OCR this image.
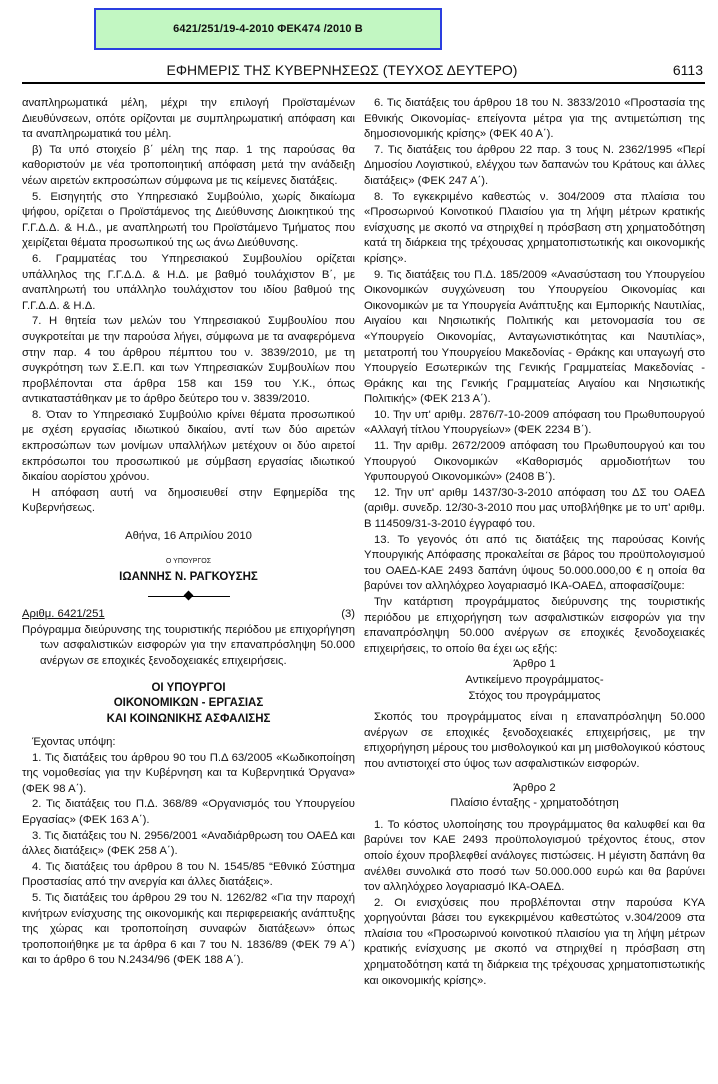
6421/251/19-4-2010 ΦΕΚ474 /2010 Β
ΕΦΗΜΕΡΙΣ ΤΗΣ ΚΥΒΕΡΝΗΣΕΩΣ (ΤΕΥΧΟΣ ΔΕΥΤΕΡΟ)	6113

αναπληρωματικά μέλη, μέχρι την επιλογή Προϊσταμένων Διευθύνσεων, οπότε ορίζονται με συμπληρωματική απόφαση και τα αναπληρωματικά του μέλη.

β) Τα υπό στοιχείο β΄ μέλη της παρ. 1 της παρούσας θα καθοριστούν με νέα τροποποιητική απόφαση μετά την ανάδειξη νέων αιρετών εκπροσώπων σύμφωνα με τις κείμενες διατάξεις.

5. Εισηγητής στο Υπηρεσιακό Συμβούλιο, χωρίς δικαίωμα ψήφου, ορίζεται ο Προϊστάμενος της Διεύθυνσης Διοικητικού της Γ.Γ.Δ.Δ. & Η.Δ., με αναπληρωτή του Προϊστάμενο Τμήματος που χειρίζεται θέματα προσωπικού της ως άνω Διεύθυνσης.

6. Γραμματέας του Υπηρεσιακού Συμβουλίου ορίζεται υπάλληλος της Γ.Γ.Δ.Δ. & Η.Δ. με βαθμό τουλάχιστον Β΄, με αναπληρωτή του υπάλληλο τουλάχιστον του ιδίου βαθμού της Γ.Γ.Δ.Δ. & Η.Δ.

7. Η θητεία των μελών του Υπηρεσιακού Συμβουλίου που συγκροτείται με την παρούσα λήγει, σύμφωνα με τα αναφερόμενα στην παρ. 4 του άρθρου πέμπτου του ν. 3839/2010, με τη συγκρότηση των Σ.Ε.Π. και των Υπηρεσιακών Συμβουλίων που προβλέπονται στα άρθρα 158 και 159 του Υ.Κ., όπως αντικαταστάθηκαν με το άρθρο δεύτερο του ν. 3839/2010.

8. Όταν το Υπηρεσιακό Συμβούλιο κρίνει θέματα προσωπικού με σχέση εργασίας ιδιωτικού δικαίου, αντί των δύο αιρετών εκπροσώπων των μονίμων υπαλλήλων μετέχουν οι δύο αιρετοί εκπρόσωποι του προσωπικού με σύμβαση εργασίας ιδιωτικού δικαίου αορίστου χρόνου.

Η απόφαση αυτή να δημοσιευθεί στην Εφημερίδα της Κυβερνήσεως.

Αθήνα, 16 Απριλίου 2010

Ο ΥΠΟΥΡΓΟΣ

ΙΩΑΝΝΗΣ Ν. ΡΑΓΚΟΥΣΗΣ

Αριθμ. 6421/251	(3)

Πρόγραμμα διεύρυνσης της τουριστικής περιόδου με επιχορήγηση των ασφαλιστικών εισφορών για την επαναπρόσληψη 50.000 ανέργων σε εποχικές ξενοδοχειακές επιχειρήσεις.

ΟΙ ΥΠΟΥΡΓΟΙ
ΟΙΚΟΝΟΜΙΚΩΝ - ΕΡΓΑΣΙΑΣ
ΚΑΙ ΚΟΙΝΩΝΙΚΗΣ ΑΣΦΑΛΙΣΗΣ

Έχοντας υπόψη:

1. Τις διατάξεις του άρθρου 90 του Π.Δ 63/2005 «Κωδικοποίηση της νομοθεσίας για την Κυβέρνηση και τα Κυβερνητικά Όργανα» (ΦΕΚ 98 Α΄).

2. Τις διατάξεις του Π.Δ. 368/89 «Οργανισμός του Υπουργείου Εργασίας» (ΦΕΚ 163 Α΄).

3. Τις διατάξεις του Ν. 2956/2001 «Αναδιάρθρωση του ΟΑΕΔ και άλλες διατάξεις» (ΦΕΚ 258 Α΄).

4. Τις διατάξεις του άρθρου 8 του Ν. 1545/85 “Εθνικό Σύστημα Προστασίας από την ανεργία και άλλες διατάξεις».

5. Τις διατάξεις του άρθρου 29 του Ν. 1262/82 «Για την παροχή κινήτρων ενίσχυσης της οικονομικής και περιφερειακής ανάπτυξης της χώρας και τροποποίηση συναφών διατάξεων» όπως τροποποιήθηκε με τα άρθρα 6 και 7 του Ν. 1836/89 (ΦΕΚ 79 Α΄) και το άρθρο 6 του Ν.2434/96 (ΦΕΚ 188 Α΄).

6. Τις διατάξεις του άρθρου 18 του Ν. 3833/2010 «Προστασία της Εθνικής Οικονομίας- επείγοντα μέτρα για της αντιμετώπιση της δημοσιονομικής κρίσης» (ΦΕΚ 40 Α΄).

7. Τις διατάξεις του άρθρου 22 παρ. 3 τους Ν. 2362/1995 «Περί Δημοσίου Λογιστικού, ελέγχου των δαπανών του Κράτους και άλλες διατάξεις» (ΦΕΚ 247 Α΄).

8. Το εγκεκριμένο καθεστώς ν. 304/2009 στα πλαίσια του «Προσωρινού Κοινοτικού Πλαισίου για τη λήψη μέτρων κρατικής ενίσχυσης με σκοπό να στηριχθεί η πρόσβαση στη χρηματοδότηση κατά τη διάρκεια της τρέχουσας χρηματοπιστωτικής και οικονομικής κρίσης».

9. Τις διατάξεις του Π.Δ. 185/2009 «Ανασύσταση του Υπουργείου Οικονομικών συγχώνευση του Υπουργείου Οικονομίας και Οικονομικών με τα Υπουργεία Ανάπτυξης και Εμπορικής Ναυτιλίας, Αιγαίου και Νησιωτικής Πολιτικής και μετονομασία του σε «Υπουργείο Οικονομίας, Ανταγωνιστικότητας και Ναυτιλίας», μετατροπή του Υπουργείου Μακεδονίας - Θράκης και υπαγωγή στο Υπουργείο Εσωτερικών της Γενικής Γραμματείας Μακεδονίας - Θράκης και της Γενικής Γραμματείας Αιγαίου και Νησιωτικής Πολιτικής» (ΦΕΚ 213 Α΄).

10. Την υπ' αριθμ. 2876/7-10-2009 απόφαση του Πρωθυπουργού «Αλλαγή τίτλου Υπουργείων» (ΦΕΚ 2234 Β΄).

11. Την αριθμ. 2672/2009 απόφαση του Πρωθυπουργού και του Υπουργού Οικονομικών «Καθορισμός αρμοδιοτήτων του Υφυπουργού Οικονομικών» (2408 Β΄).

12. Την υπ' αριθμ 1437/30-3-2010 απόφαση του ΔΣ του ΟΑΕΔ (αριθμ. συνεδρ. 12/30-3-2010 που μας υποβλήθηκε με το υπ' αριθμ. Β 114509/31-3-2010 έγγραφό του.

13. Το γεγονός ότι από τις διατάξεις της παρούσας Κοινής Υπουργικής Απόφασης προκαλείται σε βάρος του προϋπολογισμού του ΟΑΕΔ-ΚΑΕ 2493 δαπάνη ύψους 50.000.000,00 € η οποία θα βαρύνει τον αλληλόχρεο λογαριασμό ΙΚΑ-ΟΑΕΔ, αποφασίζουμε:

Την κατάρτιση προγράμματος διεύρυνσης της τουριστικής περιόδου με επιχορήγηση των ασφαλιστικών εισφορών για την επαναπρόσληψη 50.000 ανέργων σε εποχικές ξενοδοχειακές επιχειρήσεις, το οποίο θα έχει ως εξής:

Άρθρο 1
Αντικείμενο προγράμματος-
Στόχος του προγράμματος

Σκοπός του προγράμματος είναι η επαναπρόσληψη 50.000 ανέργων σε εποχικές ξενοδοχειακές επιχειρήσεις, με την επιχορήγηση μέρους του μισθολογικού και μη μισθολογικού κόστους που αντιστοιχεί στο ύψος των ασφαλιστικών εισφορών.

Άρθρο 2
Πλαίσιο ένταξης - χρηματοδότηση

1. Το κόστος υλοποίησης του προγράμματος θα καλυφθεί και θα βαρύνει τον ΚΑΕ 2493 προϋπολογισμού τρέχοντος έτους, στον οποίο έχουν προβλεφθεί ανάλογες πιστώσεις. Η μέγιστη δαπάνη θα ανέλθει συνολικά στο ποσό των 50.000.000 ευρώ και θα βαρύνει τον αλληλόχρεο λογαριασμό ΙΚΑ-ΟΑΕΔ.

2. Οι ενισχύσεις που προβλέπονται στην παρούσα ΚΥΑ χορηγούνται βάσει του εγκεκριμένου καθεστώτος ν.304/2009 στα πλαίσια του «Προσωρινού κοινοτικού πλαισίου για τη λήψη μέτρων κρατικής ενίσχυσης με σκοπό να στηριχθεί η πρόσβαση στη χρηματοδότηση κατά τη διάρκεια της τρέχουσας χρηματοπιστωτικής και οικονομικής κρίσης».
